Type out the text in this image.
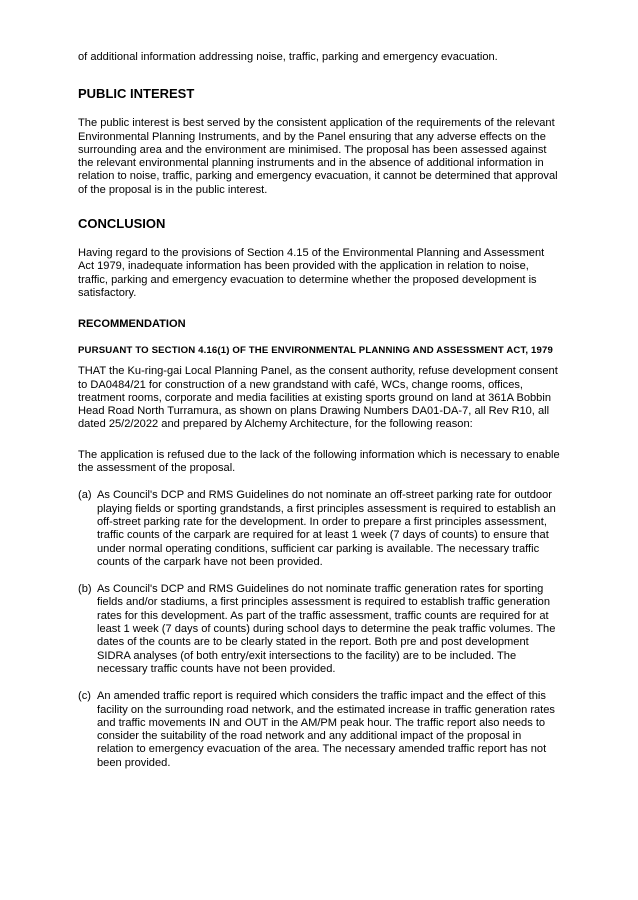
of additional information addressing noise, traffic, parking and emergency evacuation.

PUBLIC INTEREST

The public interest is best served by the consistent application of the requirements of the relevant Environmental Planning Instruments, and by the Panel ensuring that any adverse effects on the surrounding area and the environment are minimised. The proposal has been assessed against the relevant environmental planning instruments and in the absence of additional information in relation to noise, traffic, parking and emergency evacuation, it cannot be determined that approval of the proposal is in the public interest.

CONCLUSION

Having regard to the provisions of Section 4.15 of the Environmental Planning and Assessment Act 1979, inadequate information has been provided with the application in relation to noise, traffic, parking and emergency evacuation to determine whether the proposed development is satisfactory.

RECOMMENDATION

PURSUANT TO SECTION 4.16(1) OF THE ENVIRONMENTAL PLANNING AND ASSESSMENT ACT, 1979

THAT the Ku-ring-gai Local Planning Panel, as the consent authority, refuse development consent to DA0484/21 for construction of a new grandstand with café, WCs, change rooms, offices, treatment rooms, corporate and media facilities at existing sports ground on land at 361A Bobbin Head Road North Turramura, as shown on plans Drawing Numbers DA01-DA-7, all Rev R10, all dated 25/2/2022 and prepared by Alchemy Architecture, for the following reason:

The application is refused due to the lack of the following information which is necessary to enable the assessment of the proposal.

(a) As Council's DCP and RMS Guidelines do not nominate an off-street parking rate for outdoor playing fields or sporting grandstands, a first principles assessment is required to establish an off-street parking rate for the development. In order to prepare a first principles assessment, traffic counts of the carpark are required for at least 1 week (7 days of counts) to ensure that under normal operating conditions, sufficient car parking is available. The necessary traffic counts of the carpark have not been provided.
(b) As Council's DCP and RMS Guidelines do not nominate traffic generation rates for sporting fields and/or stadiums, a first principles assessment is required to establish traffic generation rates for this development. As part of the traffic assessment, traffic counts are required for at least 1 week (7 days of counts) during school days to determine the peak traffic volumes. The dates of the counts are to be clearly stated in the report. Both pre and post development SIDRA analyses (of both entry/exit intersections to the facility) are to be included. The necessary traffic counts have not been provided.
(c) An amended traffic report is required which considers the traffic impact and the effect of this facility on the surrounding road network, and the estimated increase in traffic generation rates and traffic movements IN and OUT in the AM/PM peak hour. The traffic report also needs to consider the suitability of the road network and any additional impact of the proposal in relation to emergency evacuation of the area. The necessary amended traffic report has not been provided.
